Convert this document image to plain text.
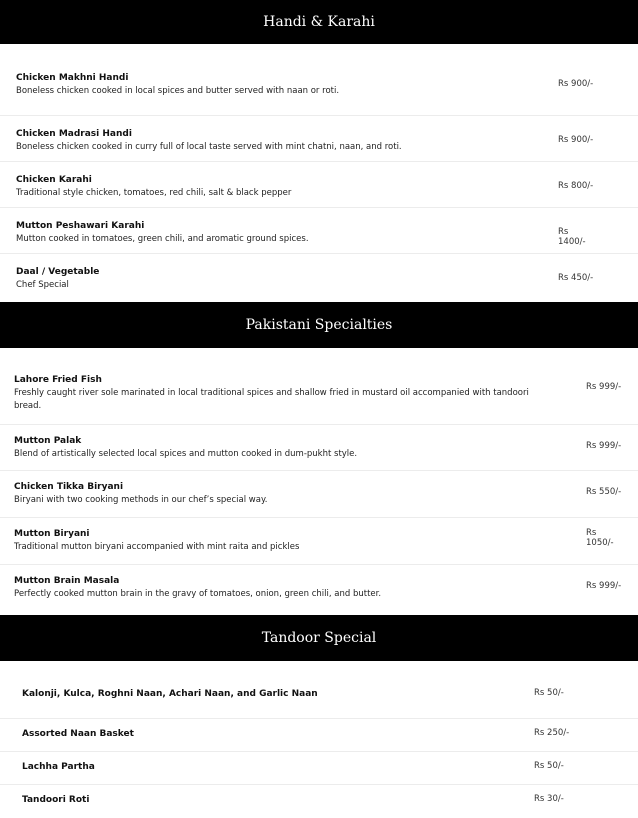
Handi & Karahi
Chicken Makhni Handi
Boneless chicken cooked in local spices and butter served with naan or roti.
Rs 900/-
Chicken Madrasi Handi
Boneless chicken cooked in curry full of local taste served with mint chatni, naan, and roti.
Rs 900/-
Chicken Karahi
Traditional style chicken, tomatoes, red chili, salt & black pepper
Rs 800/-
Mutton Peshawari Karahi
Mutton cooked in tomatoes, green chili, and aromatic ground spices.
Rs 1400/-
Daal / Vegetable
Chef Special
Rs 450/-
Pakistani Specialties
Lahore Fried Fish
Freshly caught river sole marinated in local traditional spices and shallow fried in mustard oil accompanied with tandoori bread.
Rs 999/-
Mutton Palak
Blend of artistically selected local spices and mutton cooked in dum-pukht style.
Rs 999/-
Chicken Tikka Biryani
Biryani with two cooking methods in our chef’s special way.
Rs 550/-
Mutton Biryani
Traditional mutton biryani accompanied with mint raita and pickles
Rs 1050/-
Mutton Brain Masala
Perfectly cooked mutton brain in the gravy of tomatoes, onion, green chili, and butter.
Rs 999/-
Tandoor Special
Kalonji, Kulca, Roghni Naan, Achari Naan, and Garlic Naan	Rs 50/-
Assorted Naan Basket	Rs 250/-
Lachha Partha	Rs 50/-
Tandoori Roti	Rs 30/-
